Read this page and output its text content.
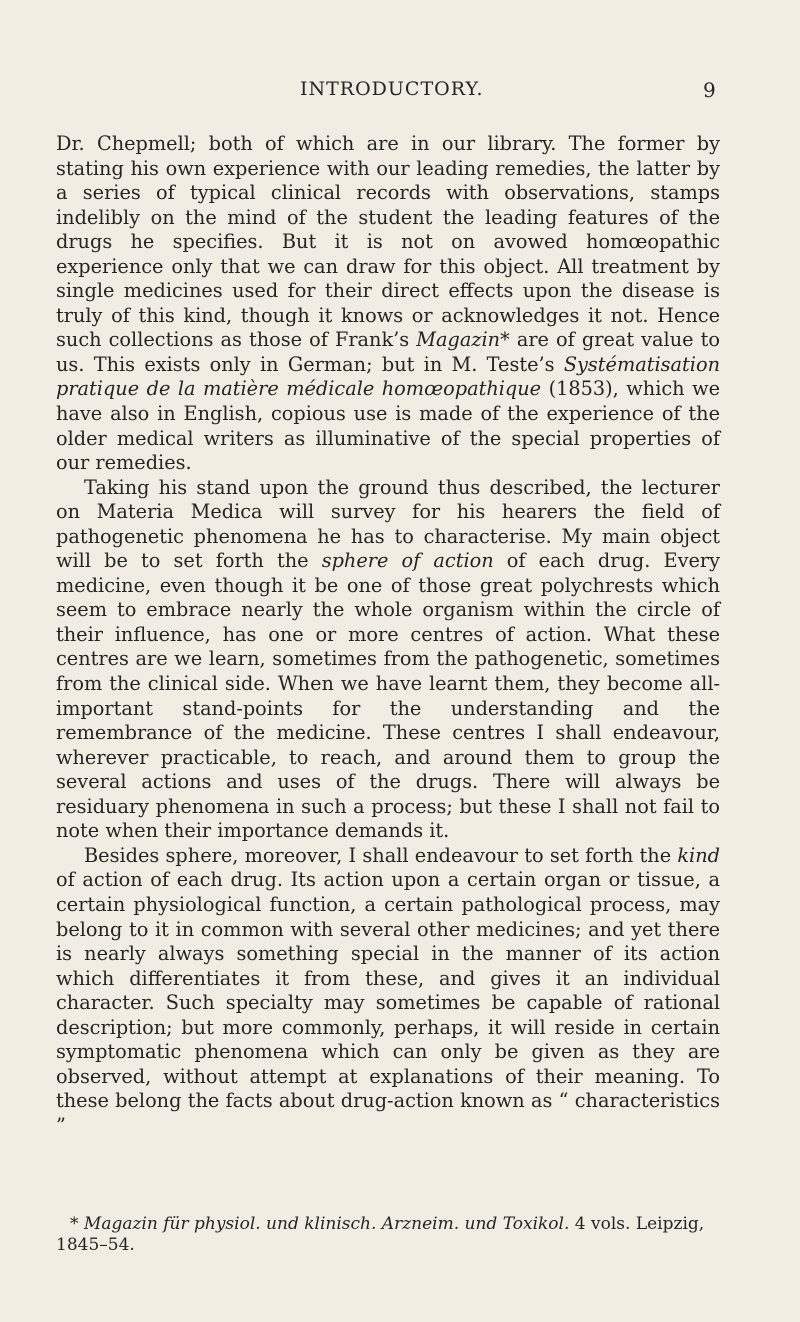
INTRODUCTORY.	9

Dr. Chepmell; both of which are in our library. The former by stating his own experience with our leading remedies, the latter by a series of typical clinical records with observations, stamps indelibly on the mind of the student the leading features of the drugs he specifies. But it is not on avowed homœopathic experience only that we can draw for this object. All treatment by single medicines used for their direct effects upon the disease is truly of this kind, though it knows or acknowledges it not. Hence such collections as those of Frank’s Magazin* are of great value to us. This exists only in German; but in M. Teste’s Systématisation pratique de la matière médicale homœopathique (1853), which we have also in English, copious use is made of the experience of the older medical writers as illuminative of the special properties of our remedies.

Taking his stand upon the ground thus described, the lecturer on Materia Medica will survey for his hearers the field of pathogenetic phenomena he has to characterise. My main object will be to set forth the sphere of action of each drug. Every medicine, even though it be one of those great polychrests which seem to embrace nearly the whole organism within the circle of their influence, has one or more centres of action. What these centres are we learn, sometimes from the pathogenetic, sometimes from the clinical side. When we have learnt them, they become all-important stand-points for the understanding and the remembrance of the medicine. These centres I shall endeavour, wherever practicable, to reach, and around them to group the several actions and uses of the drugs. There will always be residuary phenomena in such a process; but these I shall not fail to note when their importance demands it.

Besides sphere, moreover, I shall endeavour to set forth the kind of action of each drug. Its action upon a certain organ or tissue, a certain physiological function, a certain pathological process, may belong to it in common with several other medicines; and yet there is nearly always something special in the manner of its action which differentiates it from these, and gives it an individual character. Such specialty may sometimes be capable of rational description; but more commonly, perhaps, it will reside in certain symptomatic phenomena which can only be given as they are observed, without attempt at explanations of their meaning. To these belong the facts about drug-action known as “ characteristics ”

* Magazin für physiol. und klinisch. Arzneim. und Toxikol. 4 vols. Leipzig, 1845–54.
